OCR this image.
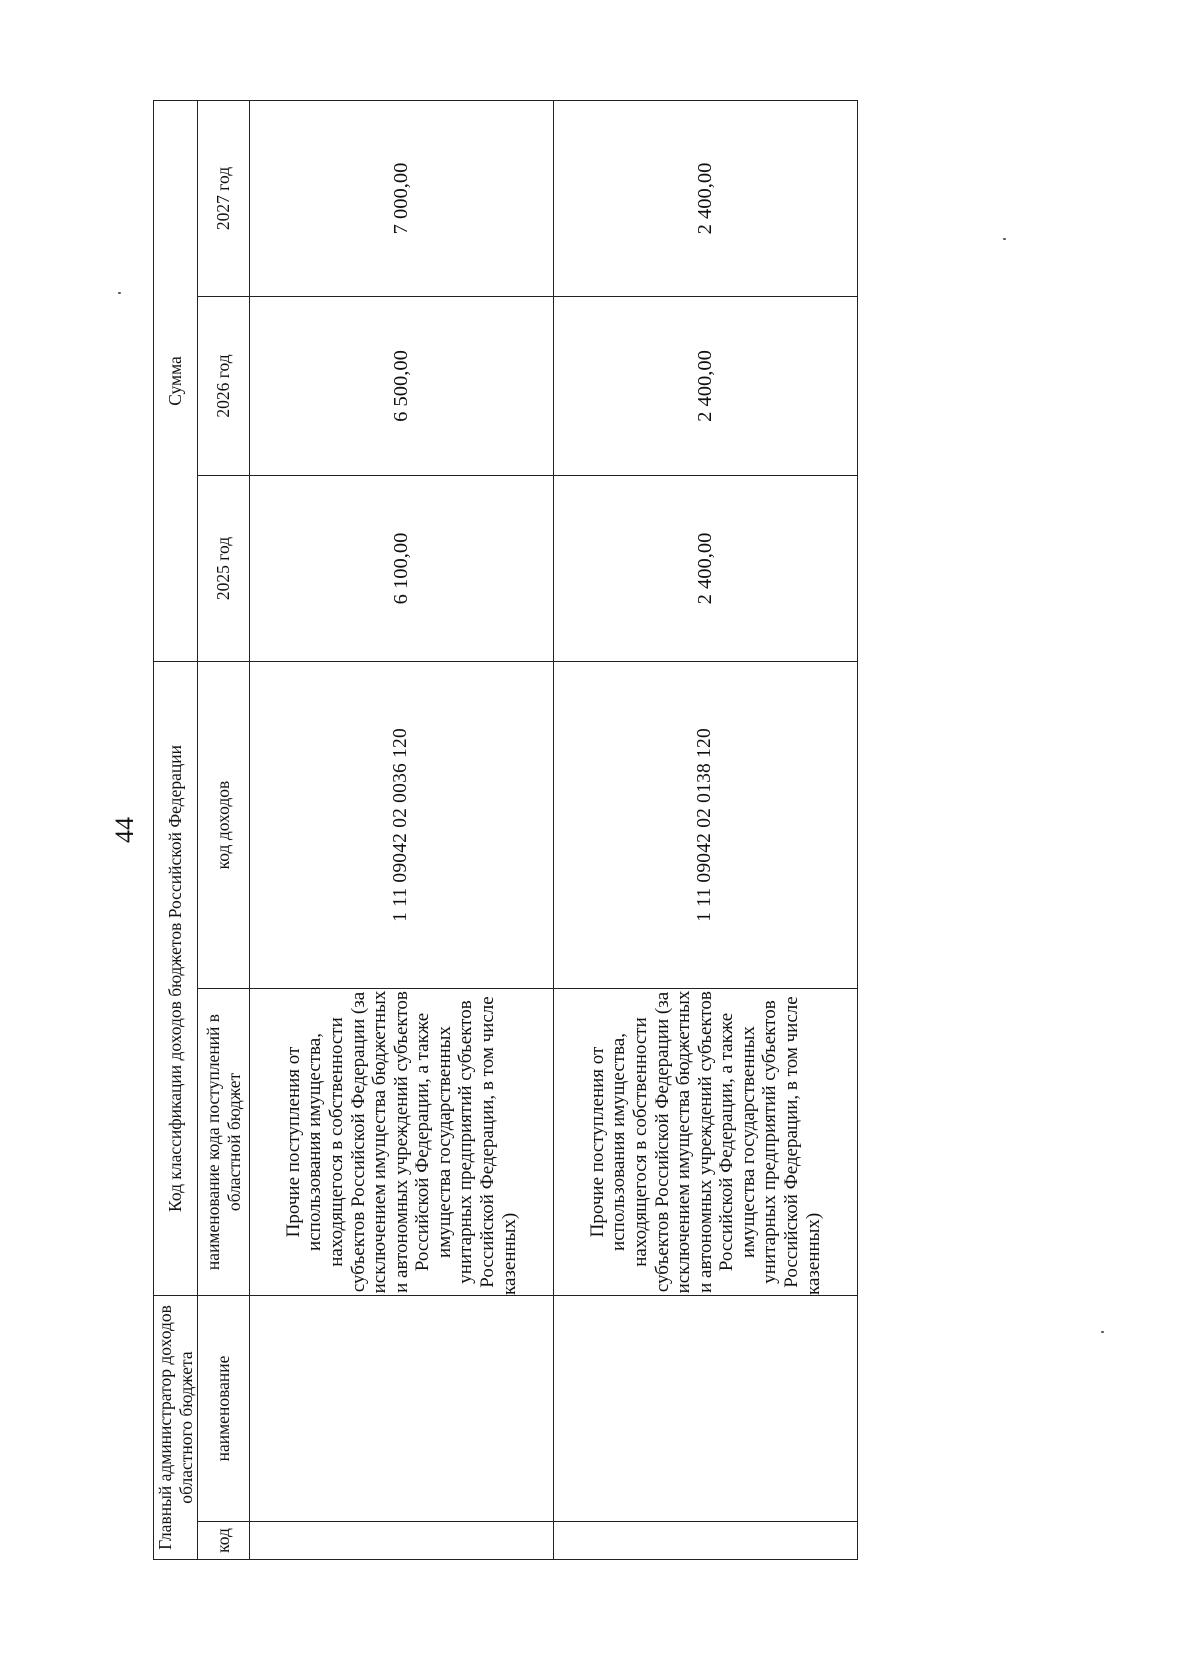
44
Главный администратор доходов областного бюджета		Код классификации доходов бюджетов Российской Федерации		Сумма		
код	наименование	наименование кода поступлений в областной бюджет	код доходов	2025 год	2026 год	2027 год
		Прочие поступления от использования имущества, находящегося в собственности субъектов Российской Федерации (за исключением имущества бюджетных и автономных учреждений субъектов Российской Федерации, а также имущества государственных унитарных предприятий субъектов Российской Федерации, в том числе казенных)	1 11 09042 02 0036 120	6 100,00	6 500,00	7 000,00
		Прочие поступления от использования имущества, находящегося в собственности субъектов Российской Федерации (за исключением имущества бюджетных и автономных учреждений субъектов Российской Федерации, а также имущества государственных унитарных предприятий субъектов Российской Федерации, в том числе казенных)	1 11 09042 02 0138 120	2 400,00	2 400,00	2 400,00
